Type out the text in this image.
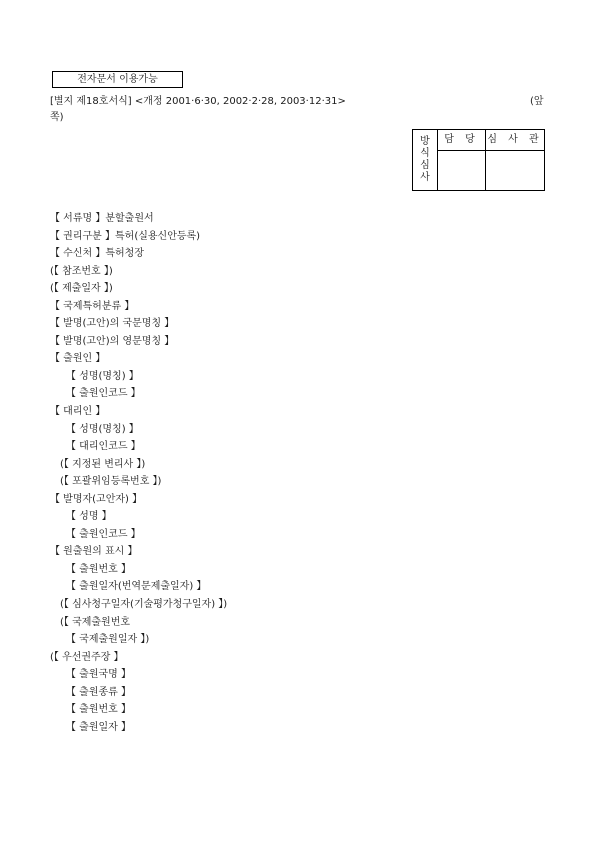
전자문서 이용가능
[별지 제18호서식] <개정 2001·6·30, 2002·2·28, 2003·12·31>	(앞
쪽)
방
식
심
사	담 당	심 사 관

【 서류명 】분할출원서
【 권리구분 】특허(실용신안등록)
【 수신처 】특허청장
(【 참조번호 】)
(【 제출일자 】)
【 국제특허분류 】
【 발명(고안)의 국문명칭 】
【 발명(고안)의 영문명칭 】
【 출원인 】
【 성명(명칭) 】
【 출원인코드 】
【 대리인 】
【 성명(명칭) 】
【 대리인코드 】
(【 지정된 변리사 】)
(【 포괄위임등록번호 】)
【 발명자(고안자) 】
【 성명 】
【 출원인코드 】
【 원출원의 표시 】
【 출원번호 】
【 출원일자(번역문제출일자) 】
(【 심사청구일자(기술평가청구일자) 】)
(【 국제출원번호
【 국제출원일자 】)
(【 우선권주장 】
【 출원국명 】
【 출원종류 】
【 출원번호 】
【 출원일자 】
